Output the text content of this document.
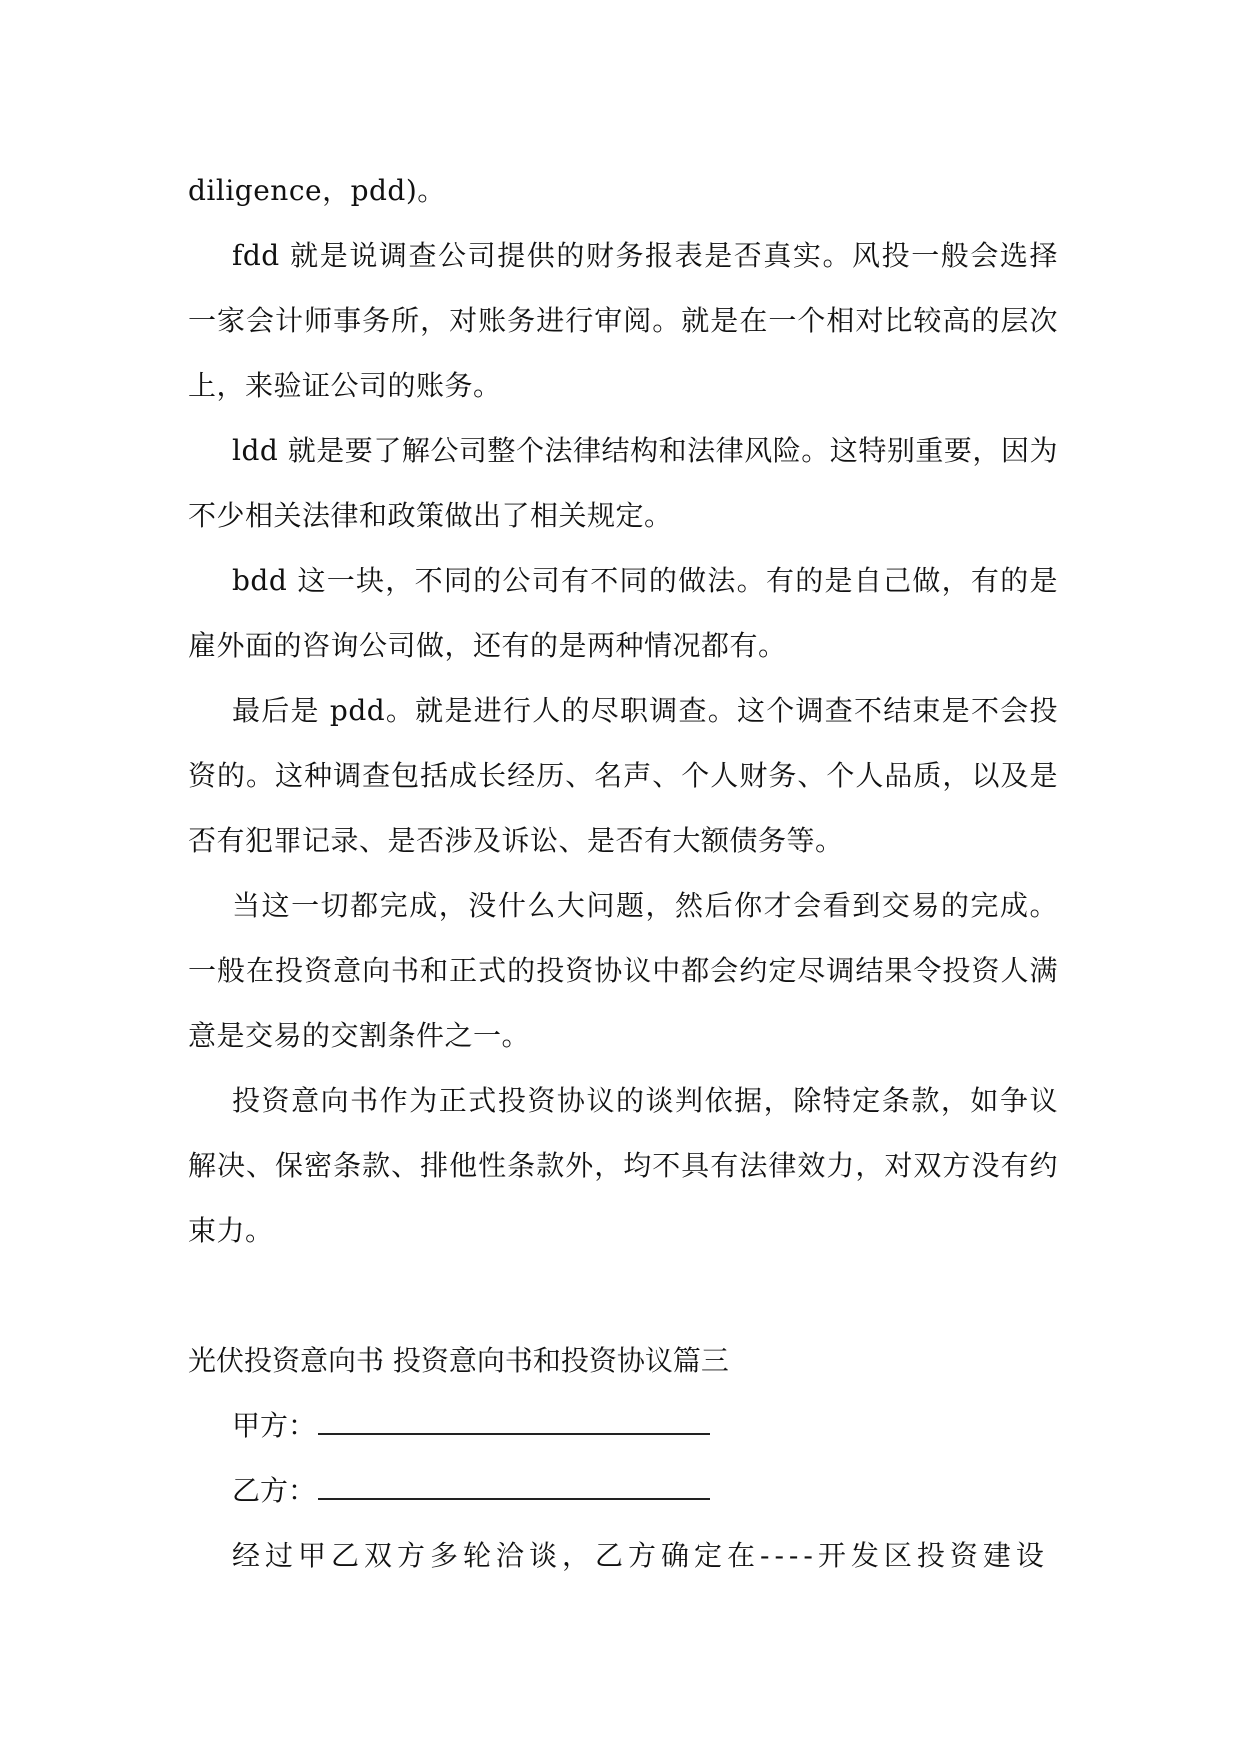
diligence，pdd)。

fdd 就是说调查公司提供的财务报表是否真实。风投一般会选择一家会计师事务所，对账务进行审阅。就是在一个相对比较高的层次上，来验证公司的账务。

ldd 就是要了解公司整个法律结构和法律风险。这特别重要，因为不少相关法律和政策做出了相关规定。

bdd 这一块，不同的公司有不同的做法。有的是自己做，有的是雇外面的咨询公司做，还有的是两种情况都有。

最后是 pdd。就是进行人的尽职调查。这个调查不结束是不会投资的。这种调查包括成长经历、名声、个人财务、个人品质，以及是否有犯罪记录、是否涉及诉讼、是否有大额债务等。

当这一切都完成，没什么大问题，然后你才会看到交易的完成。一般在投资意向书和正式的投资协议中都会约定尽调结果令投资人满意是交易的交割条件之一。

投资意向书作为正式投资协议的谈判依据，除特定条款，如争议解决、保密条款、排他性条款外，均不具有法律效力，对双方没有约束力。

光伏投资意向书 投资意向书和投资协议篇三

甲方：

乙方：

经过甲乙双方多轮洽谈，乙方确定在----开发区投资建设
